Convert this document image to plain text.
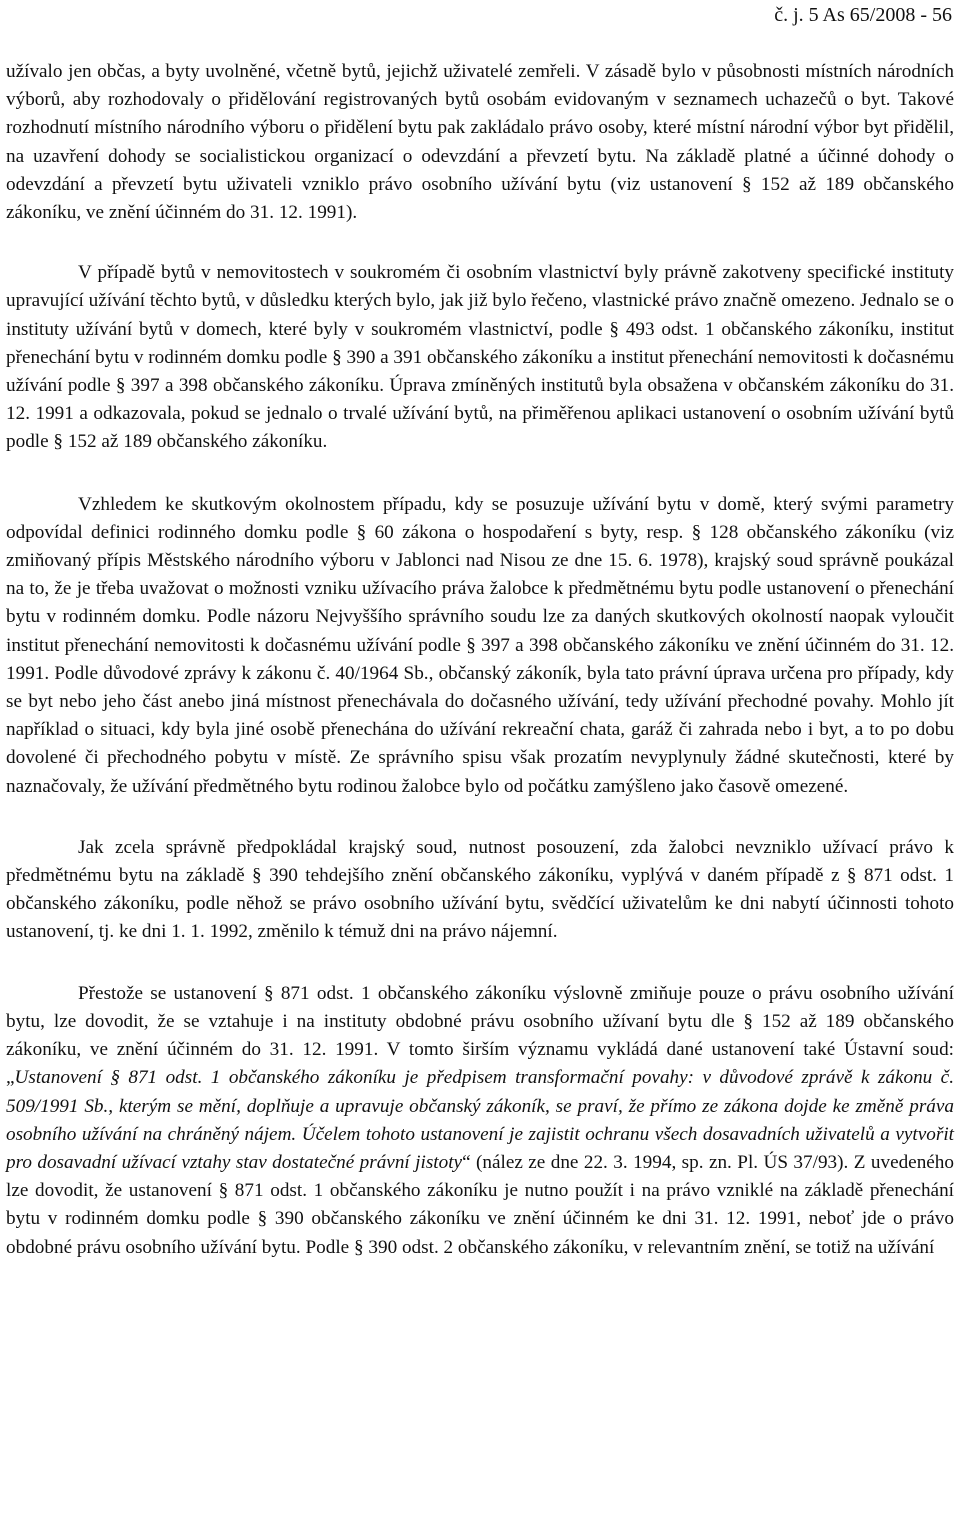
č. j. 5 As 65/2008 - 56

užívalo jen občas, a byty uvolněné, včetně bytů, jejichž uživatelé zemřeli. V zásadě bylo v působnosti místních národních výborů, aby rozhodovaly o přidělování registrovaných bytů osobám evidovaným v seznamech uchazečů o byt. Takové rozhodnutí místního národního výboru o přidělení bytu pak zakládalo právo osoby, které místní národní výbor byt přidělil, na uzavření dohody se socialistickou organizací o odevzdání a převzetí bytu. Na základě platné a účinné dohody o odevzdání a převzetí bytu uživateli vzniklo právo osobního užívání bytu (viz ustanovení § 152 až 189 občanského zákoníku, ve znění účinném do 31. 12. 1991).

V případě bytů v nemovitostech v soukromém či osobním vlastnictví byly právně zakotveny specifické instituty upravující užívání těchto bytů, v důsledku kterých bylo, jak již bylo řečeno, vlastnické právo značně omezeno. Jednalo se o instituty užívání bytů v domech, které byly v soukromém vlastnictví, podle § 493 odst. 1 občanského zákoníku, institut přenechání bytu v rodinném domku podle § 390 a 391 občanského zákoníku a institut přenechání nemovitosti k dočasnému užívání podle § 397 a 398 občanského zákoníku. Úprava zmíněných institutů byla obsažena v občanském zákoníku do 31. 12. 1991 a odkazovala, pokud se jednalo o trvalé užívání bytů, na přiměřenou aplikaci ustanovení o osobním užívání bytů podle § 152 až 189 občanského zákoníku.

Vzhledem ke skutkovým okolnostem případu, kdy se posuzuje užívání bytu v domě, který svými parametry odpovídal definici rodinného domku podle § 60 zákona o hospodaření s byty, resp. § 128 občanského zákoníku (viz zmiňovaný přípis Městského národního výboru v Jablonci nad Nisou ze dne 15. 6. 1978), krajský soud správně poukázal na to, že je třeba uvažovat o možnosti vzniku užívacího práva žalobce k předmětnému bytu podle ustanovení o přenechání bytu v rodinném domku. Podle názoru Nejvyššího správního soudu lze za daných skutkových okolností naopak vyloučit institut přenechání nemovitosti k dočasnému užívání podle § 397 a 398 občanského zákoníku ve znění účinném do 31. 12. 1991. Podle důvodové zprávy k zákonu č. 40/1964 Sb., občanský zákoník, byla tato právní úprava určena pro případy, kdy se byt nebo jeho část anebo jiná místnost přenechávala do dočasného užívání, tedy užívání přechodné povahy. Mohlo jít například o situaci, kdy byla jiné osobě přenechána do užívání rekreační chata, garáž či zahrada nebo i byt, a to po dobu dovolené či přechodného pobytu v místě. Ze správního spisu však prozatím nevyplynuly žádné skutečnosti, které by naznačovaly, že užívání předmětného bytu rodinou žalobce bylo od počátku zamýšleno jako časově omezené.

Jak zcela správně předpokládal krajský soud, nutnost posouzení, zda žalobci nevzniklo užívací právo k předmětnému bytu na základě § 390 tehdejšího znění občanského zákoníku, vyplývá v daném případě z § 871 odst. 1 občanského zákoníku, podle něhož se právo osobního užívání bytu, svědčící uživatelům ke dni nabytí účinnosti tohoto ustanovení, tj. ke dni 1. 1. 1992, změnilo k témuž dni na právo nájemní.

Přestože se ustanovení § 871 odst. 1 občanského zákoníku výslovně zmiňuje pouze o právu osobního užívání bytu, lze dovodit, že se vztahuje i na instituty obdobné právu osobního užívaní bytu dle § 152 až 189 občanského zákoníku, ve znění účinném do 31. 12. 1991. V tomto širším významu vykládá dané ustanovení také Ústavní soud: „Ustanovení § 871 odst. 1 občanského zákoníku je předpisem transformační povahy: v důvodové zprávě k zákonu č. 509/1991 Sb., kterým se mění, doplňuje a upravuje občanský zákoník, se praví, že přímo ze zákona dojde ke změně práva osobního užívání na chráněný nájem. Účelem tohoto ustanovení je zajistit ochranu všech dosavadních uživatelů a vytvořit pro dosavadní užívací vztahy stav dostatečné právní jistoty“ (nález ze dne 22. 3. 1994, sp. zn. Pl. ÚS 37/93). Z uvedeného lze dovodit, že ustanovení § 871 odst. 1 občanského zákoníku je nutno použít i na právo vzniklé na základě přenechání bytu v rodinném domku podle § 390 občanského zákoníku ve znění účinném ke dni 31. 12. 1991, neboť jde o právo obdobné právu osobního užívání bytu. Podle § 390 odst. 2 občanského zákoníku, v relevantním znění, se totiž na užívání
